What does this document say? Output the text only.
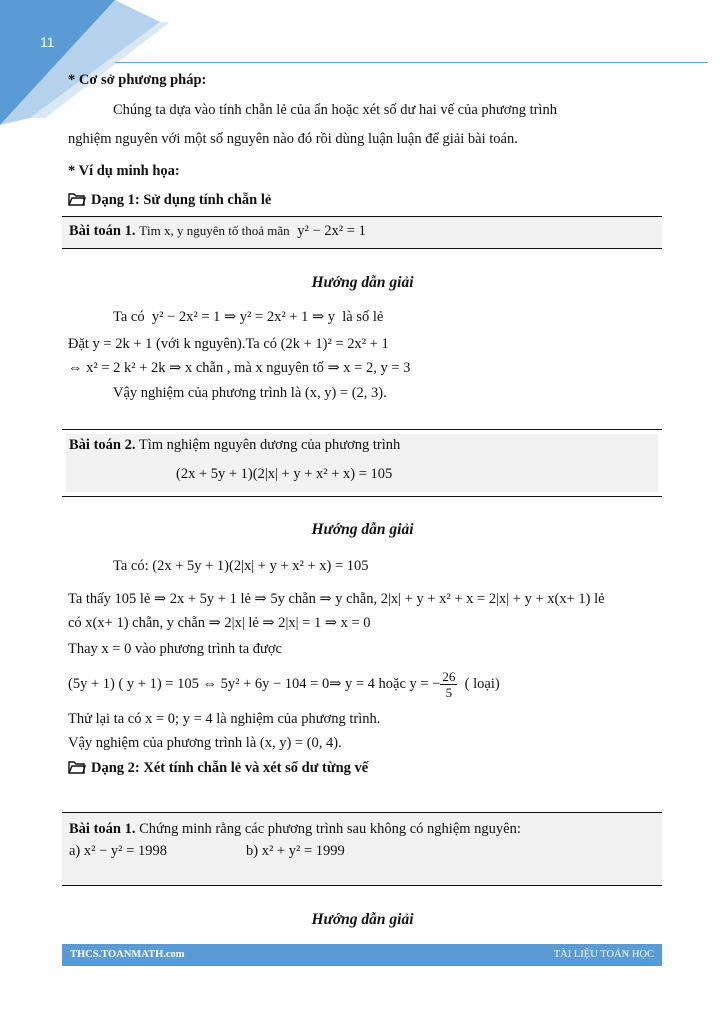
11
* Cơ sở phương pháp:
Chúng ta dựa vào tính chẵn lẻ của ẩn hoặc xét số dư hai vế của phương trình
nghiệm nguyên với một số nguyên nào đó rồi dùng luận luận để giải bài toán.
* Ví dụ minh họa:
Dạng 1: Sử dụng tính chẵn lẻ
Bài toán 1. Tìm x, y nguyên tố thoả mãn y² − 2x² = 1
Hướng dẫn giải
Ta có y² − 2x² = 1 ⇒ y² = 2x² + 1 ⇒ y là số lẻ
Đặt y = 2k + 1 (với k nguyên).Ta có (2k + 1)² = 2x² + 1
⇔ x² = 2 k² + 2k ⇒ x chẵn , mà x nguyên tố ⇒ x = 2, y = 3
Vậy nghiệm của phương trình là (x, y) = (2, 3).
Bài toán 2. Tìm nghiệm nguyên dương của phương trình
(2x + 5y + 1)(2|x| + y + x² + x) = 105
Hướng dẫn giải
Ta có: (2x + 5y + 1)(2|x| + y + x² + x) = 105
Ta thấy 105 lẻ ⇒ 2x + 5y + 1 lẻ ⇒ 5y chẵn ⇒ y chẵn, 2|x| + y + x² + x = 2|x| + y + x(x+ 1) lẻ
có x(x+ 1) chẵn, y chẵn ⇒ 2|x| lẻ ⇒ 2|x| = 1 ⇒ x = 0
Thay x = 0 vào phương trình ta được
(5y + 1) ( y + 1) = 105 ⇔ 5y² + 6y − 104 = 0⇒ y = 4 hoặc y = − $\frac{26}{5}$ ( loại)
Thử lại ta có x = 0; y = 4 là nghiệm của phương trình.
Vậy nghiệm của phương trình là (x, y) = (0, 4).
Dạng 2: Xét tính chẵn lẻ và xét số dư từng vế
Bài toán 1. Chứng minh rằng các phương trình sau không có nghiệm nguyên:
a) x² − y² = 1998	b) x² + y² = 1999
Hướng dẫn giải
THCS.TOANMATH.com	TÀI LIỆU TOÁN HỌC
